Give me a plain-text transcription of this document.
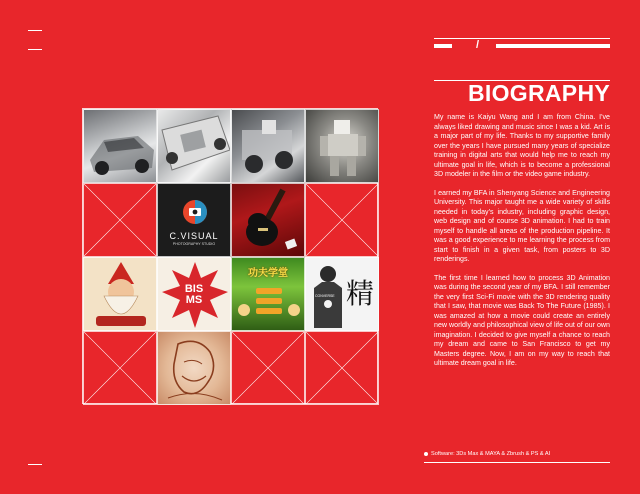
/
BIOGRAPHY

My name is Kaiyu Wang and I am from China. I've always liked drawing and music since I was a kid. Art is a major part of my life. Thanks to my supportive family over the years I have pursued many years of specialize training in digital arts that would help me to reach my ultimate goal in life, which is to become a professional 3D modeler in the film or the video game industry.

I earned my BFA in Shenyang Science and Engineering University. This major taught me a wide variety of skills needed in today's industry, including graphic design, web design and of course 3D animation. I had to train myself to handle all areas of the production pipeline. It was a good experience to me learning the process from start to finish in a given task, from posters to 3D renderings.

The first time I learned how to process 3D Animation was during the second year of my BFA. I still remember the very first Sci-Fi movie with the 3D rendering quality that I saw, that movie was Back To The Future (1985). I was amazed at how a movie could create an entirely new worldly and philosophical view of life out of our own imagination. I decided to give myself a chance to reach my dream and came to San Francisco to get my Masters degree. Now, I am on my way to reach that ultimate dream goal in life.

Software: 3Ds Max & MAYA & Zbrush & PS & AI
C.VISUAL
PHOTOGRAPHY STUDIO
BIS MS
功夫学堂
CONVERSE 精
